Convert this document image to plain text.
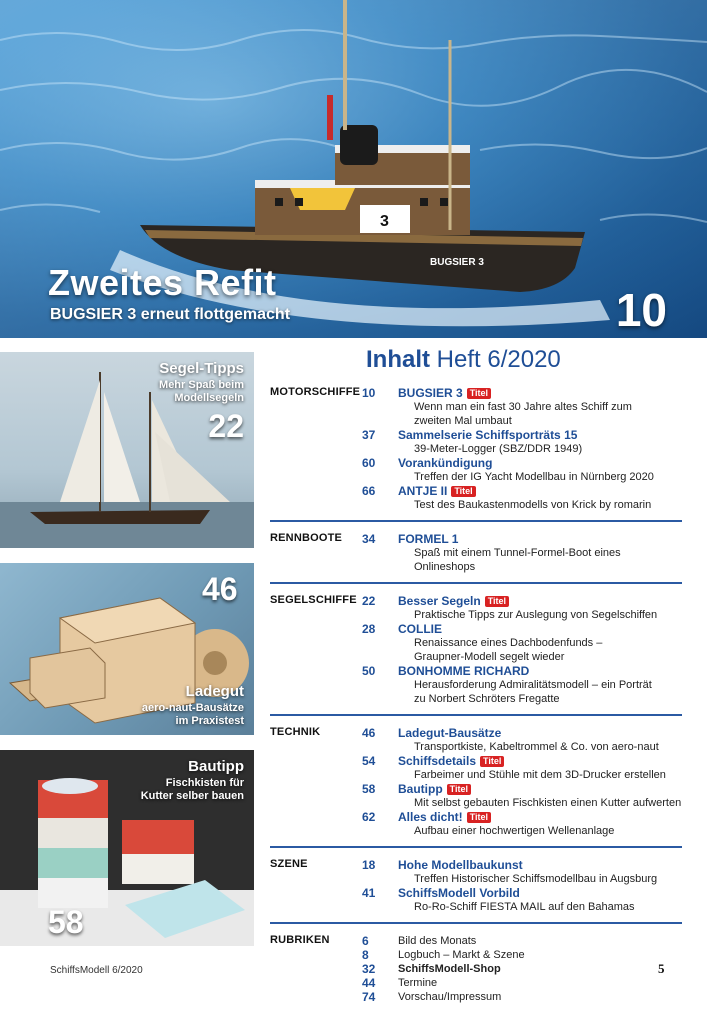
3
BUGSIER 3
Zweites Refit
BUGSIER 3 erneut flottgemacht	10
Segel-Tipps
Mehr Spaß beim
Modellsegeln
22
46
Ladegut
aero-naut-Bausätze
im Praxistest
Bautipp
Fischkisten für
Kutter selber bauen
58
Inhalt Heft 6/2020
MOTORSCHIFFE 10	BUGSIER 3 Titel
Wenn man ein fast 30 Jahre altes Schiff zum
zweiten Mal umbaut
37	Sammelserie Schiffsporträts 15
39-Meter-Logger (SBZ/DDR 1949)
60	Vorankündigung
Treffen der IG Yacht Modellbau in Nürnberg 2020
66	ANTJE II Titel
Test des Baukastenmodells von Krick by romarin
RENNBOOTE 34	FORMEL 1
Spaß mit einem Tunnel-Formel-Boot eines Onlineshops
SEGELSCHIFFE 22	Besser Segeln Titel
Praktische Tipps zur Auslegung von Segelschiffen
28	COLLIE
Renaissance eines Dachbodenfunds –
Graupner-Modell segelt wieder
50	BONHOMME RICHARD
Herausforderung Admiralitätsmodell – ein Porträt
zu Norbert Schröters Fregatte
TECHNIK	46	Ladegut-Bausätze
Transportkiste, Kabeltrommel & Co. von aero-naut
54	Schiffsdetails Titel
Farbeimer und Stühle mit dem 3D-Drucker erstellen
58	Bautipp Titel
Mit selbst gebauten Fischkisten einen Kutter aufwerten
62	Alles dicht! Titel
Aufbau einer hochwertigen Wellenanlage
SZENE	18	Hohe Modellbaukunst
Treffen Historischer Schiffsmodellbau in Augsburg
41	SchiffsModell Vorbild
Ro-Ro-Schiff FIESTA MAIL auf den Bahamas
RUBRIKEN	6	Bild des Monats
8	Logbuch – Markt & Szene
32	SchiffsModell-Shop
44	Termine
74	Vorschau/Impressum
SchiffsModell 6/2020	5
